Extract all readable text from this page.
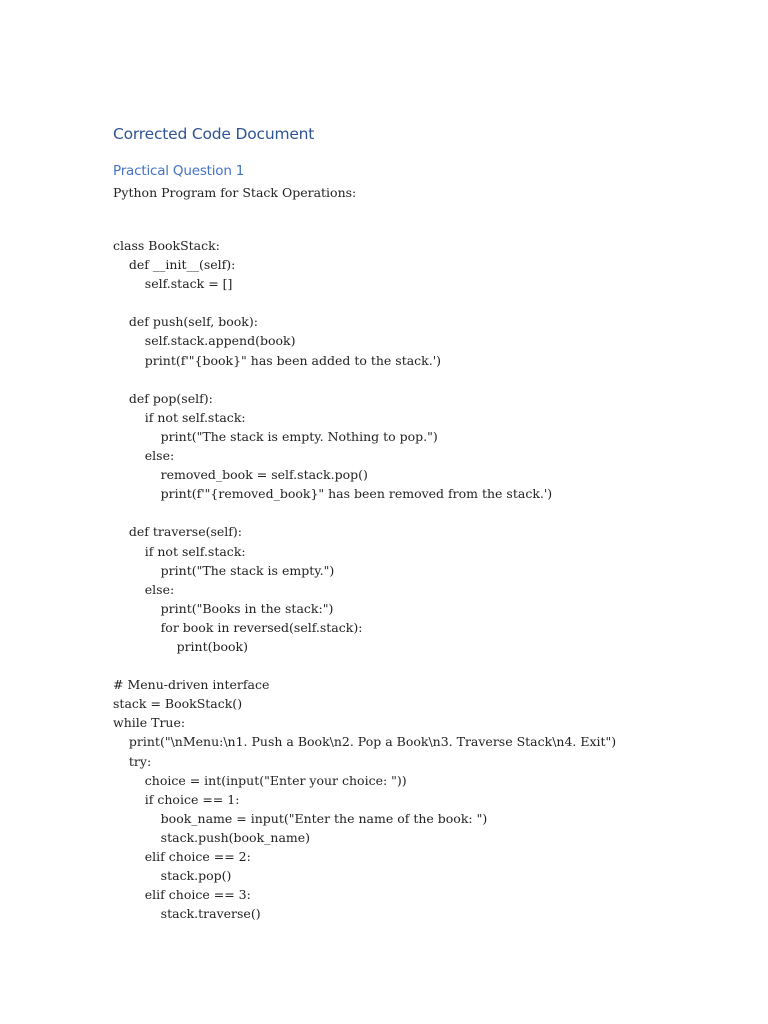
Corrected Code Document
Practical Question 1

Python Program for Stack Operations:

class BookStack:
def __init__(self):
self.stack = []
def push(self, book):
self.stack.append(book)
print(f'"{book}" has been added to the stack.')
def pop(self):
if not self.stack:
print("The stack is empty. Nothing to pop.")
else:
removed_book = self.stack.pop()
print(f'"{removed_book}" has been removed from the stack.')
def traverse(self):
if not self.stack:
print("The stack is empty.")
else:
print("Books in the stack:")
for book in reversed(self.stack):
print(book)
# Menu-driven interface
stack = BookStack()
while True:
print("\nMenu:\n1. Push a Book\n2. Pop a Book\n3. Traverse Stack\n4. Exit")
try:
choice = int(input("Enter your choice: "))
if choice == 1:
book_name = input("Enter the name of the book: ")
stack.push(book_name)
elif choice == 2:
stack.pop()
elif choice == 3:
stack.traverse()
